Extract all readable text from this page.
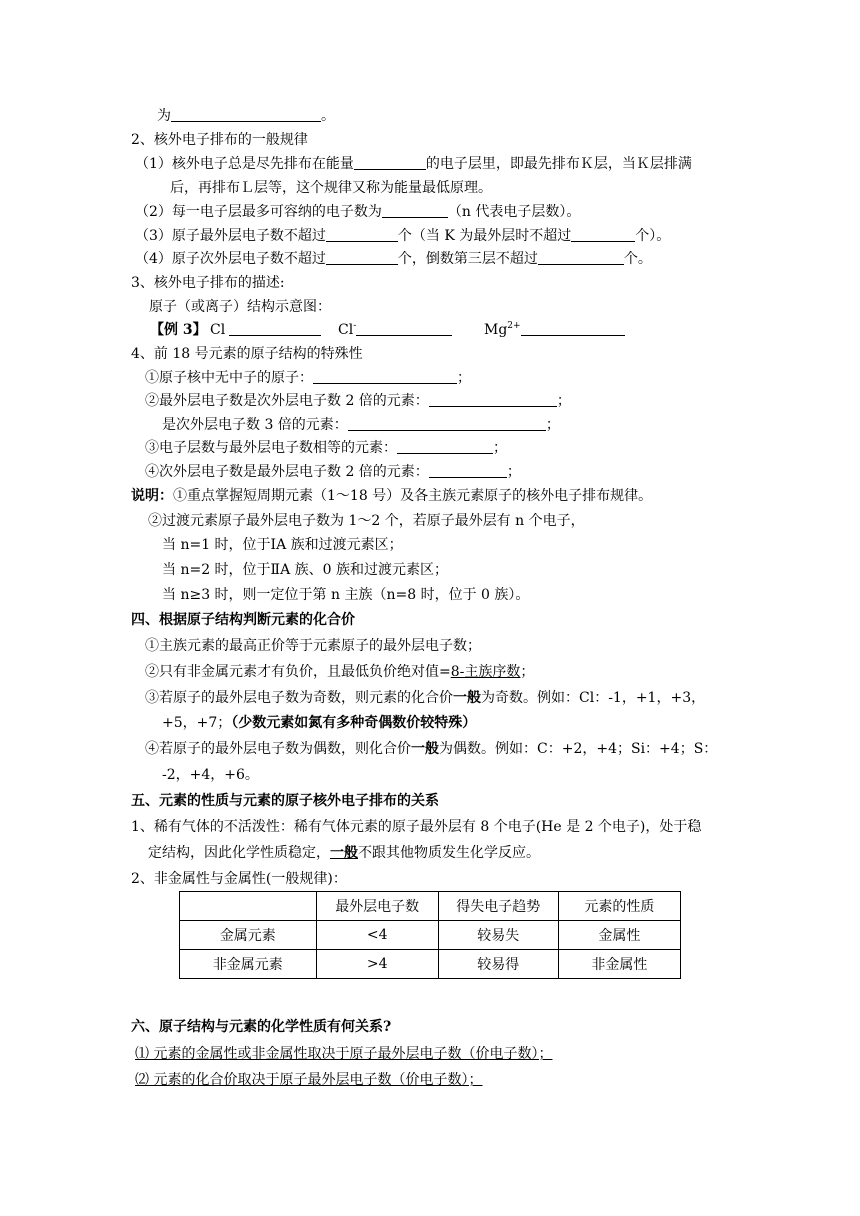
为	。
2、核外电子排布的一般规律
（1）核外电子总是尽先排布在能量	的电子层里，即最先排布Ｋ层，当Ｋ层排满
后，再排布Ｌ层等，这个规律又称为能量最低原理。
（2）每一电子层最多可容纳的电子数为	（n 代表电子层数）。
（3）原子最外层电子数不超过	个（当 K 为最外层时不超过	个）。
（4）原子次外层电子数不超过	个，倒数第三层不超过	个。
3、核外电子排布的描述:
原子（或离子）结构示意图：
【例 3】 Cl	Cl-	$Mg^{2+}$
4、前 18 号元素的原子结构的特殊性
①原子核中无中子的原子：	；
②最外层电子数是次外层电子数 2 倍的元素：	；
是次外层电子数 3 倍的元素：	；
③电子层数与最外层电子数相等的元素：	；
④次外层电子数是最外层电子数 2 倍的元素：	；
说明：①重点掌握短周期元素（1～18 号）及各主族元素原子的核外电子排布规律。
②过渡元素原子最外层电子数为 1～2 个，若原子最外层有 n 个电子，
当 n=1 时，位于ⅠA 族和过渡元素区；
当 n=2 时，位于ⅡA 族、0 族和过渡元素区；
当 n≥3 时，则一定位于第 n 主族（n=8 时，位于 0 族）。
四、根据原子结构判断元素的化合价
①主族元素的最高正价等于元素原子的最外层电子数；
②只有非金属元素才有负价，且最低负价绝对值=8-主族序数；
③若原子的最外层电子数为奇数，则元素的化合价一般为奇数。例如：Cl：-1，+1，+3，
+5，+7；（少数元素如氮有多种奇偶数价较特殊）
④若原子的最外层电子数为偶数，则化合价一般为偶数。例如：C：+2，+4；Si：+4；S：
-2，+4，+6。
五、元素的性质与元素的原子核外电子排布的关系
1、稀有气体的不活泼性：稀有气体元素的原子最外层有 8 个电子(He 是 2 个电子)，处于稳
定结构，因此化学性质稳定，一般不跟其他物质发生化学反应。
2、非金属性与金属性(一般规律)：
	最外层电子数	得失电子趋势	元素的性质
金属元素	<4	较易失	金属性
非金属元素	>4	较易得	非金属性
六、原子结构与元素的化学性质有何关系?
⑴ 元素的金属性或非金属性取决于原子最外层电子数（价电子数）；
⑵ 元素的化合价取决于原子最外层电子数（价电子数）；
